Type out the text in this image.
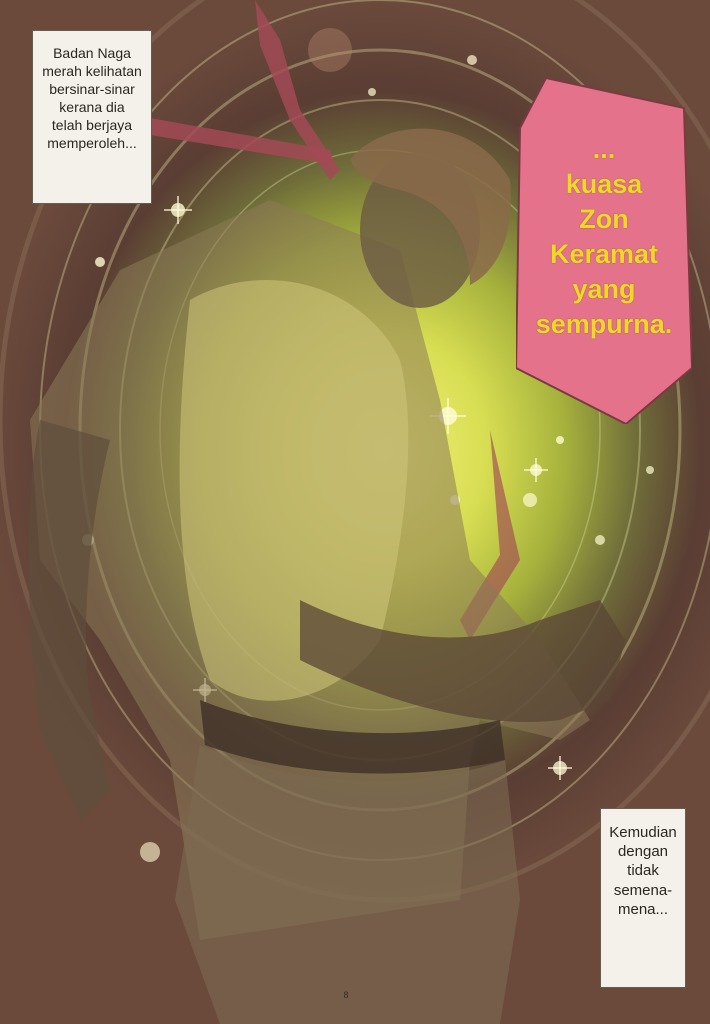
Badan Naga
merah kelihatan
bersinar-sinar
kerana dia
telah berjaya
memperoleh...	...
kuasa
Zon
Keramat
yang
sempurna.
Kemudian
dengan
tidak
semena-
mena...
8
